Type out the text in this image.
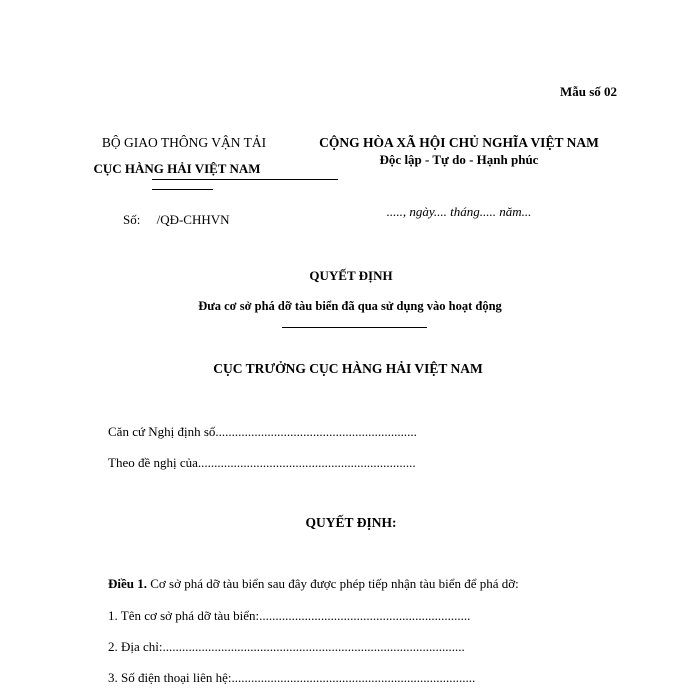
Mẫu số 02
BỘ GIAO THÔNG VẬN TẢI
CỤC HÀNG HẢI VIỆT NAM
Số:     /QĐ-CHHVN
CỘNG HÒA XÃ HỘI CHỦ NGHĨA VIỆT NAM
Độc lập - Tự do - Hạnh phúc
....., ngày.... tháng..... năm...
QUYẾT ĐỊNH
Đưa cơ sở phá dỡ tàu biển đã qua sử dụng vào hoạt động
CỤC TRƯỞNG CỤC HÀNG HẢI VIỆT NAM
Căn cứ Nghị định số..............................................................
Theo đề nghị của...................................................................
QUYẾT ĐỊNH:
Điều 1. Cơ sở phá dỡ tàu biển sau đây được phép tiếp nhận tàu biển để phá dỡ:
1. Tên cơ sở phá dỡ tàu biển:.................................................................
2. Địa chỉ:.............................................................................................
3. Số điện thoại liên hệ:...........................................................................
